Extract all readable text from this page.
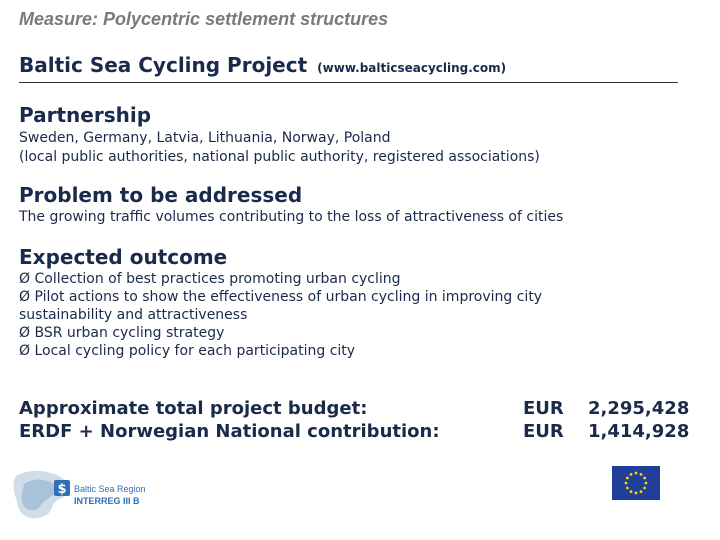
Measure: Polycentric settlement structures
Baltic Sea Cycling Project (www.balticseacycling.com)
Partnership
Sweden, Germany, Latvia, Lithuania, Norway, Poland
(local public authorities, national public authority, registered associations)
Problem to be addressed
The growing traffic volumes contributing to the loss of attractiveness of cities
Expected outcome
Ø Collection of best practices promoting urban cycling
Ø Pilot actions to show the effectiveness of urban cycling in improving city
sustainability and attractiveness
Ø BSR urban cycling strategy
Ø Local cycling policy for each participating city
Approximate total project budget:
ERDF + Norwegian National contribution:
EUR 2,295,428
EUR 1,414,928
$ Baltic Sea Region
INTERREG III B
